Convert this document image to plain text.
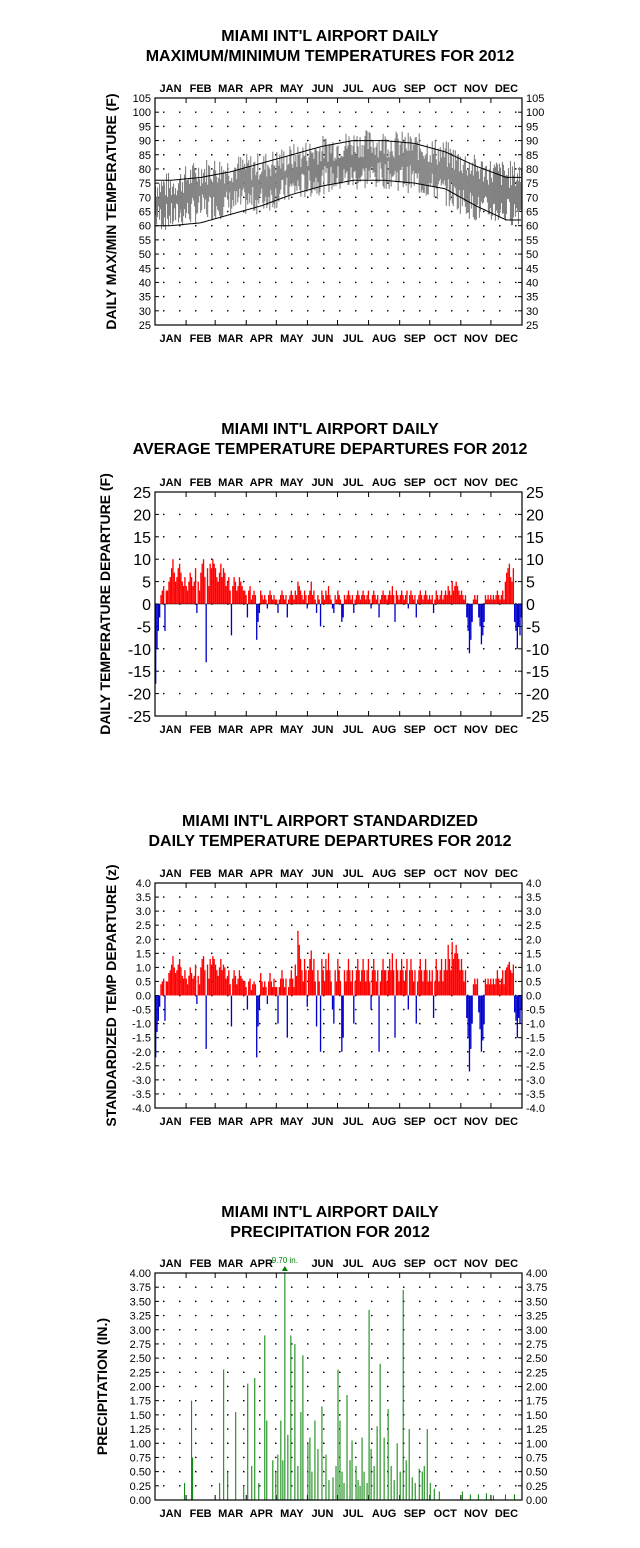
MIAMI INT'L AIRPORT DAILY
MAXIMUM/MINIMUM TEMPERATURES FOR 2012
25	25
30	30
35	35
40	40
45	45
50	50
55	55
60	60
65	65
70	70
75	75
80	80
85	85
90	90
95	95
100	100
105	105
JAN
JAN
FEB
FEB
MAR
MAR
APR
APR
MAY
MAY
JUN
JUN
JUL
JUL
AUG
AUG
SEP
SEP
OCT
OCT
NOV
NOV
DEC
DEC
DAILY MAX/MIN TEMPERATURE (F)
MIAMI INT'L AIRPORT DAILY
AVERAGE TEMPERATURE DEPARTURES FOR 2012
25	25
20	20
15	15
10	10
5	5
0	0
-5	-5
-10	-10
-15	-15
-20	-20
-25	-25
JAN
JAN
FEB
FEB
MAR
MAR
APR
APR
MAY
MAY
JUN
JUN
JUL
JUL
AUG
AUG
SEP
SEP
OCT
OCT
NOV
NOV
DEC
DEC
DAILY TEMPERATURE DEPARTURE (F)
MIAMI INT'L AIRPORT STANDARDIZED
DAILY TEMPERATURE DEPARTURES FOR 2012
4.0	4.0
3.5	3.5
3.0	3.0
2.5	2.5
2.0	2.0
1.5	1.5
1.0	1.0
0.5	0.5
0.0	0.0
-0.5	-0.5
-1.0	-1.0
-1.5	-1.5
-2.0	-2.0
-2.5	-2.5
-3.0	-3.0
-3.5	-3.5
-4.0	-4.0
JAN
JAN
FEB
FEB
MAR
MAR
APR
APR
MAY
MAY
JUN
JUN
JUL
JUL
AUG
AUG
SEP
SEP
OCT
OCT
NOV
NOV
DEC
DEC
STANDARDIZED TEMP DEPARTURE (z)
MIAMI INT'L AIRPORT DAILY
PRECIPITATION FOR 2012
4.00	4.00
3.75	3.75
3.50	3.50
3.25	3.25
3.00	3.00
2.75	2.75
2.50	2.50
2.25	2.25
2.00	2.00
1.75	1.75
1.50	1.50
1.25	1.25
1.00	1.00
0.75	0.75
0.50	0.50
0.25	0.25
0.00	0.00
JAN
JAN
FEB
FEB
MAR
MAR
APR
APR
MAY JUN
JUN
JUL
JUL
AUG
AUG
SEP
SEP
OCT
OCT
NOV
NOV
DEC
DEC
PRECIPITATION (IN.)
9.70 in.
